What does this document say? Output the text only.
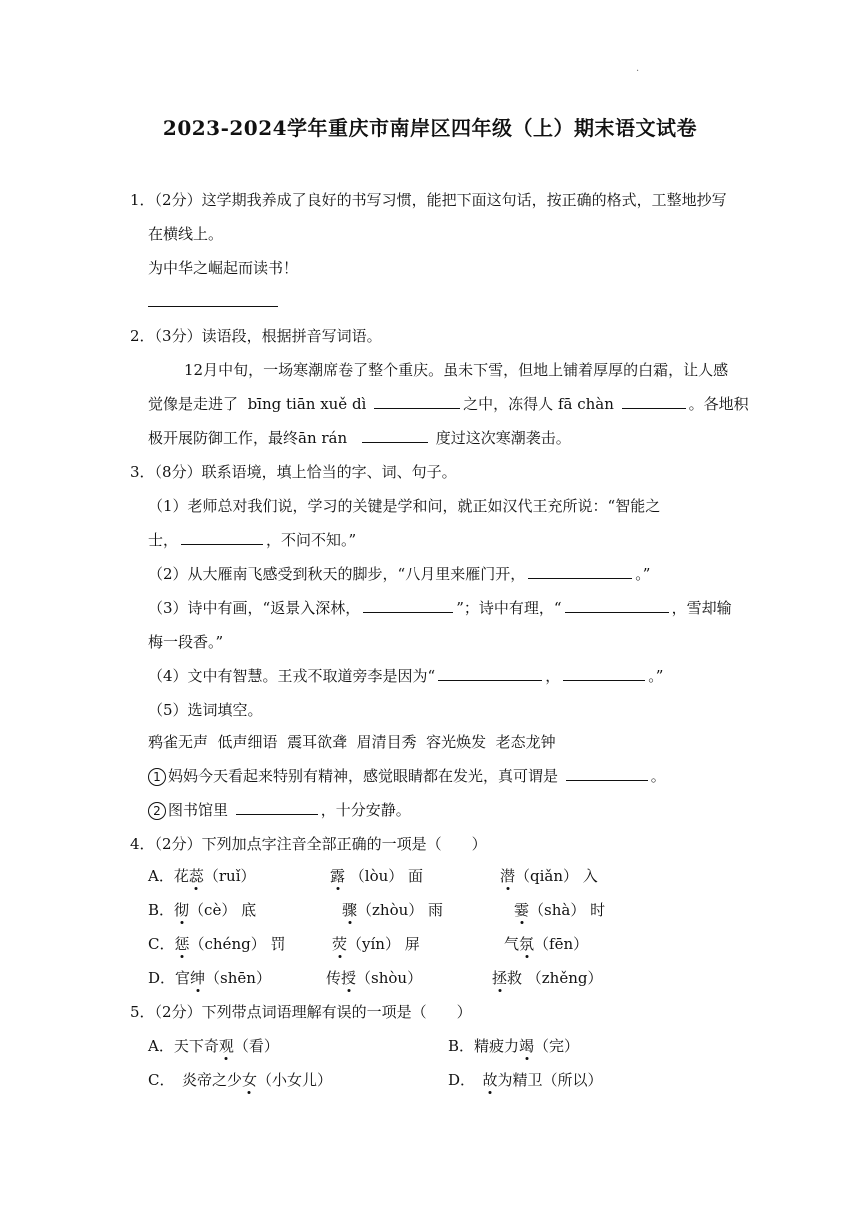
·
2023-2024学年重庆市南岸区四年级（上）期末语文试卷
1．（2分）这学期我养成了良好的书写习惯，能把下面这句话，按正确的格式，工整地抄写
在横线上。
为中华之崛起而读书！
2．（3分）读语段，根据拼音写词语。
12月中旬，一场寒潮席卷了整个重庆。虽未下雪，但地上铺着厚厚的白霜，让人感
觉像是走进了 bīng tiān xuě dì	之中，冻得人 fā chàn	。各地积
极开展防御工作，最终ān rán	度过这次寒潮袭击。
3．（8分）联系语境，填上恰当的字、词、句子。
（1）老师总对我们说，学习的关键是学和问，就正如汉代王充所说：“智能之
士，	，不问不知。”
（2）从大雁南飞感受到秋天的脚步，“八月里来雁门开，	。”
（3）诗中有画，“返景入深林，	”；诗中有理，“	，雪却输
梅一段香。”
（4）文中有智慧。王戎不取道旁李是因为“	，	。”
（5）选词填空。
鸦雀无声  低声细语  震耳欲聋  眉清目秀  容光焕发  老态龙钟
1 妈妈今天看起来特别有精神，感觉眼睛都在发光，真可谓是	。
2 图书馆里	，十分安静。
4．（2分）下列加点字注音全部正确的一项是（　　）
A．花蕊（ruǐ）	露 （lòu） 面	潜（qiǎn） 入
B．彻（cè） 底	骤（zhòu） 雨	霎（shà） 时
C．惩（chéng） 罚	荧（yín） 屏	气氛（fēn）
D．官绅（shēn）	传授（shòu）	拯救 （zhěng）
5．（2分）下列带点词语理解有误的一项是（　　）
A．天下奇观（看）	B．精疲力竭（完）
C．　炎帝之少女（小女儿）	D．　故为精卫（所以）
